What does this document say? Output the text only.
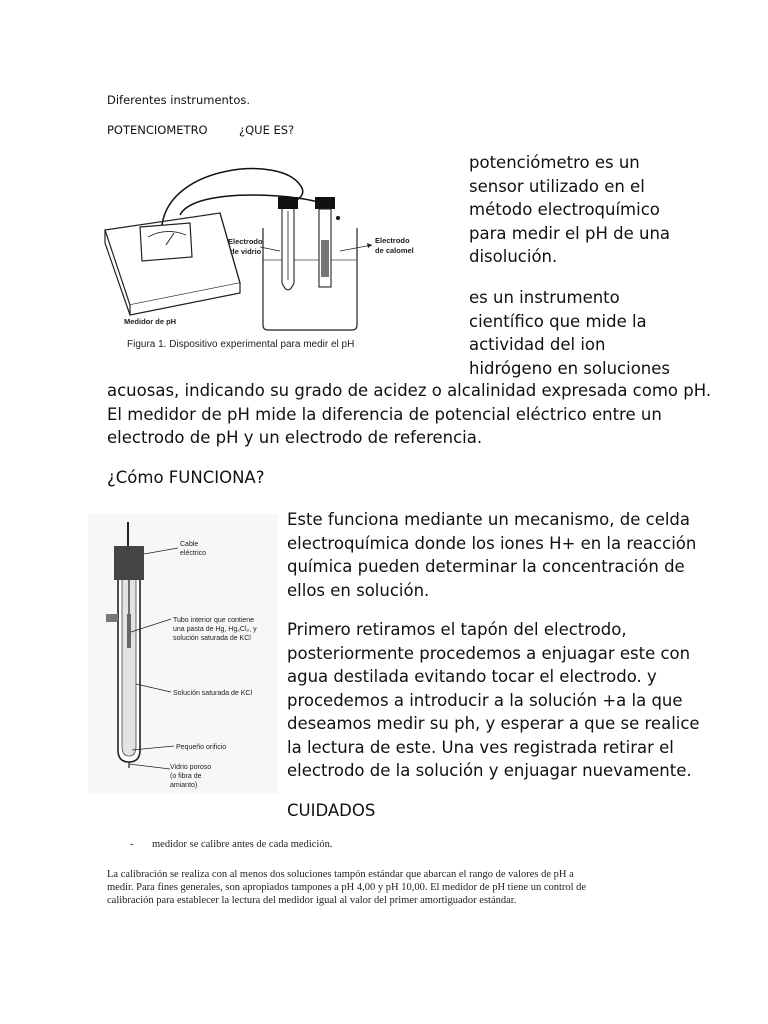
Diferentes instrumentos.
POTENCIOMETRO	¿QUE ES?
Electrodo
de vidrio
Electrodo
de calomel
Medidor de pH
Figura 1. Dispositivo experimental para medir el pH
potenciómetro es un
sensor utilizado en el
método electroquímico
para medir el pH de una
disolución.
es un instrumento
científico que mide la
actividad del ion
hidrógeno en soluciones
acuosas, indicando su grado de acidez o alcalinidad expresada como pH.
El medidor de pH mide la diferencia de potencial eléctrico entre un
electrodo de pH y un electrodo de referencia.
¿Cómo FUNCIONA?
Cable
eléctrico
Tubo interior que contiene
una pasta de Hg, Hg₂Cl₂, y
solución saturada de KCl
Solución saturada de KCl
Pequeño orificio
Vidrio poroso
(o fibra de
amianto)
Este funciona mediante un mecanismo, de celda
electroquímica donde los iones H+ en la reacción
química pueden determinar la concentración de
ellos en solución.
Primero retiramos el tapón del electrodo,
posteriormente procedemos a enjuagar este con
agua destilada evitando tocar el electrodo. y
procedemos a introducir a la solución +a la que
deseamos medir su ph, y esperar a que se realice
la lectura de este. Una ves registrada retirar el
electrodo de la solución y enjuagar nuevamente.
CUIDADOS
- medidor se calibre antes de cada medición.
La calibración se realiza con al menos dos soluciones tampón estándar que abarcan el rango de valores de pH a
medir. Para fines generales, son apropiados tampones a pH 4,00 y pH 10,00. El medidor de pH tiene un control de
calibración para establecer la lectura del medidor igual al valor del primer amortiguador estándar.
